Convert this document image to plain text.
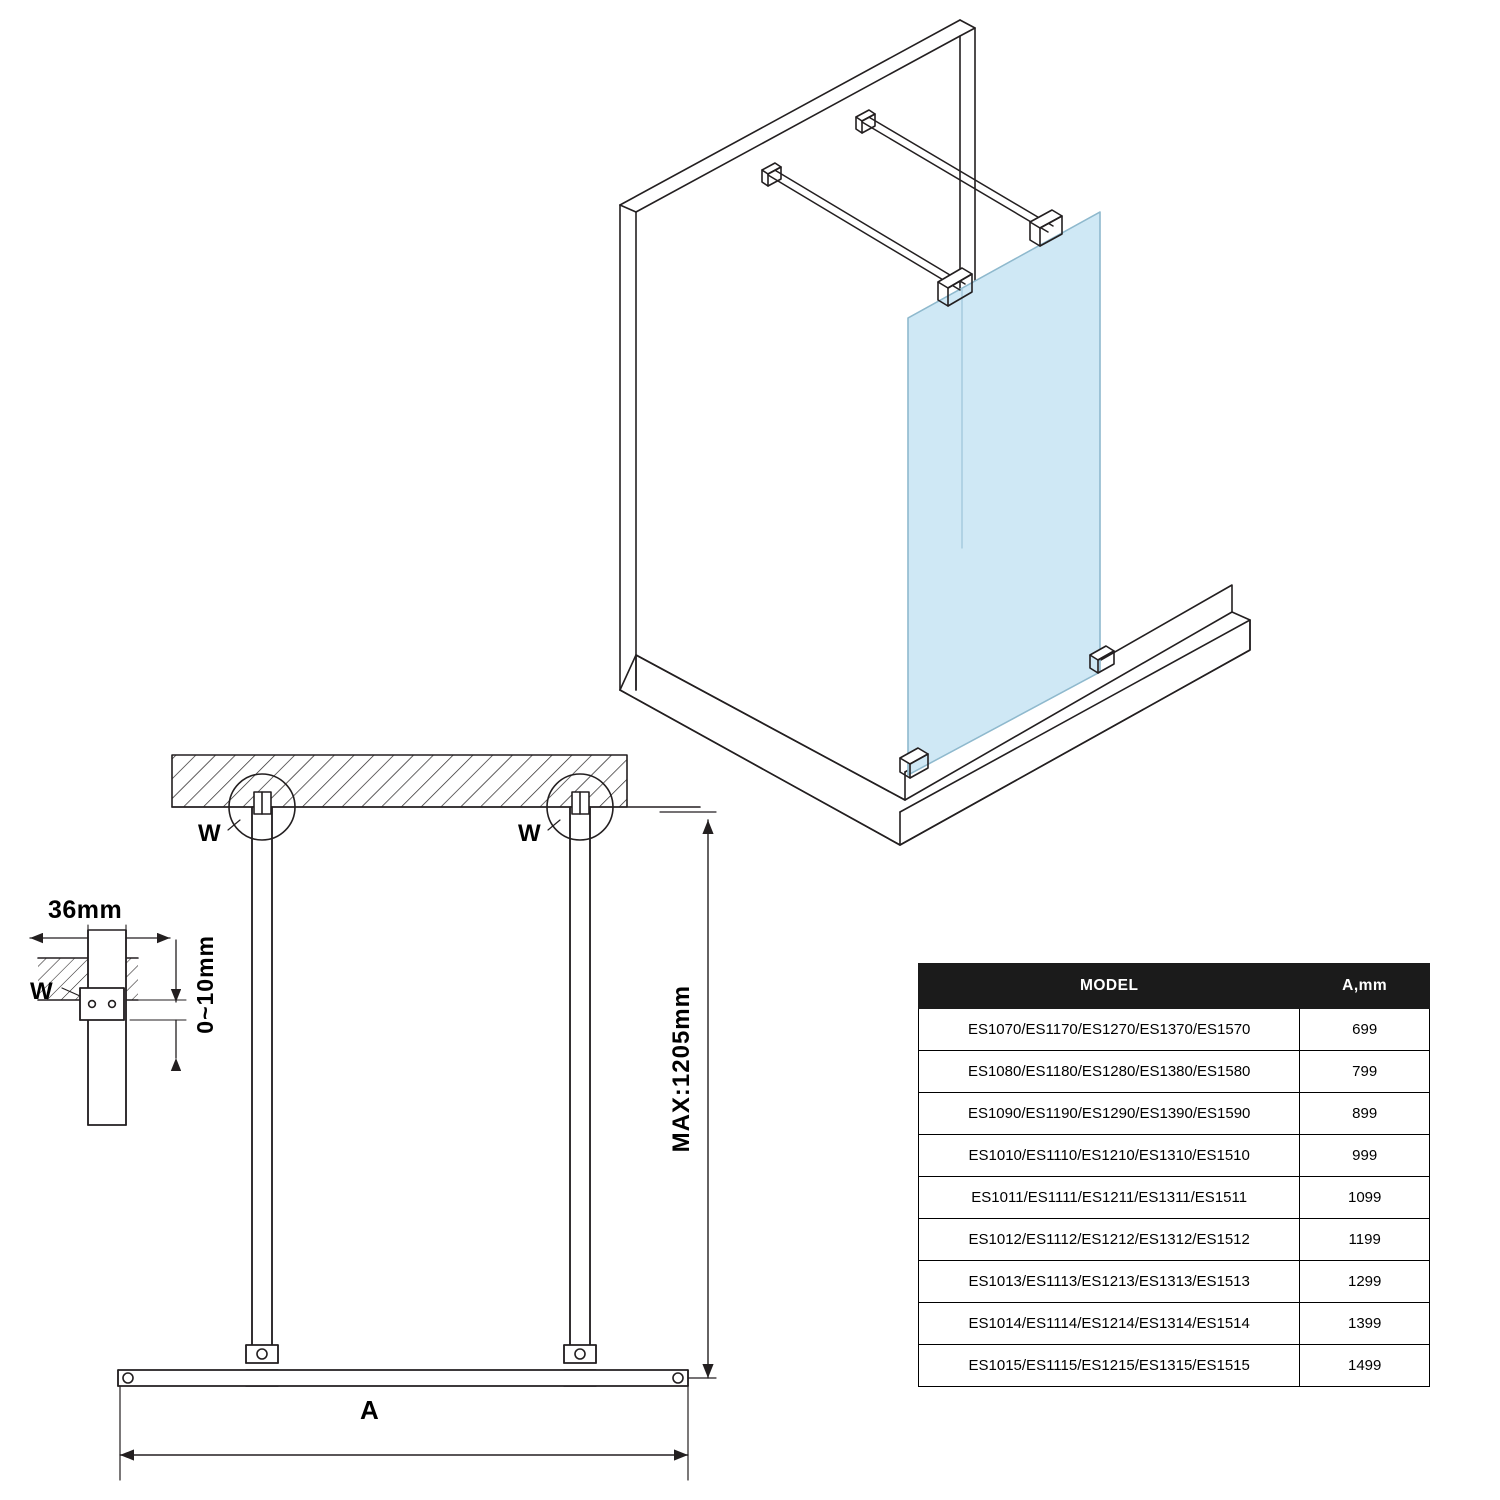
36mm
0~10mm
W
W	W
MAX:1205mm
A
MODEL	A,mm
ES1070/ES1170/ES1270/ES1370/ES1570	699
ES1080/ES1180/ES1280/ES1380/ES1580	799
ES1090/ES1190/ES1290/ES1390/ES1590	899
ES1010/ES1110/ES1210/ES1310/ES1510	999
ES1011/ES1111/ES1211/ES1311/ES1511	1099
ES1012/ES1112/ES1212/ES1312/ES1512	1199
ES1013/ES1113/ES1213/ES1313/ES1513	1299
ES1014/ES1114/ES1214/ES1314/ES1514	1399
ES1015/ES1115/ES1215/ES1315/ES1515	1499
